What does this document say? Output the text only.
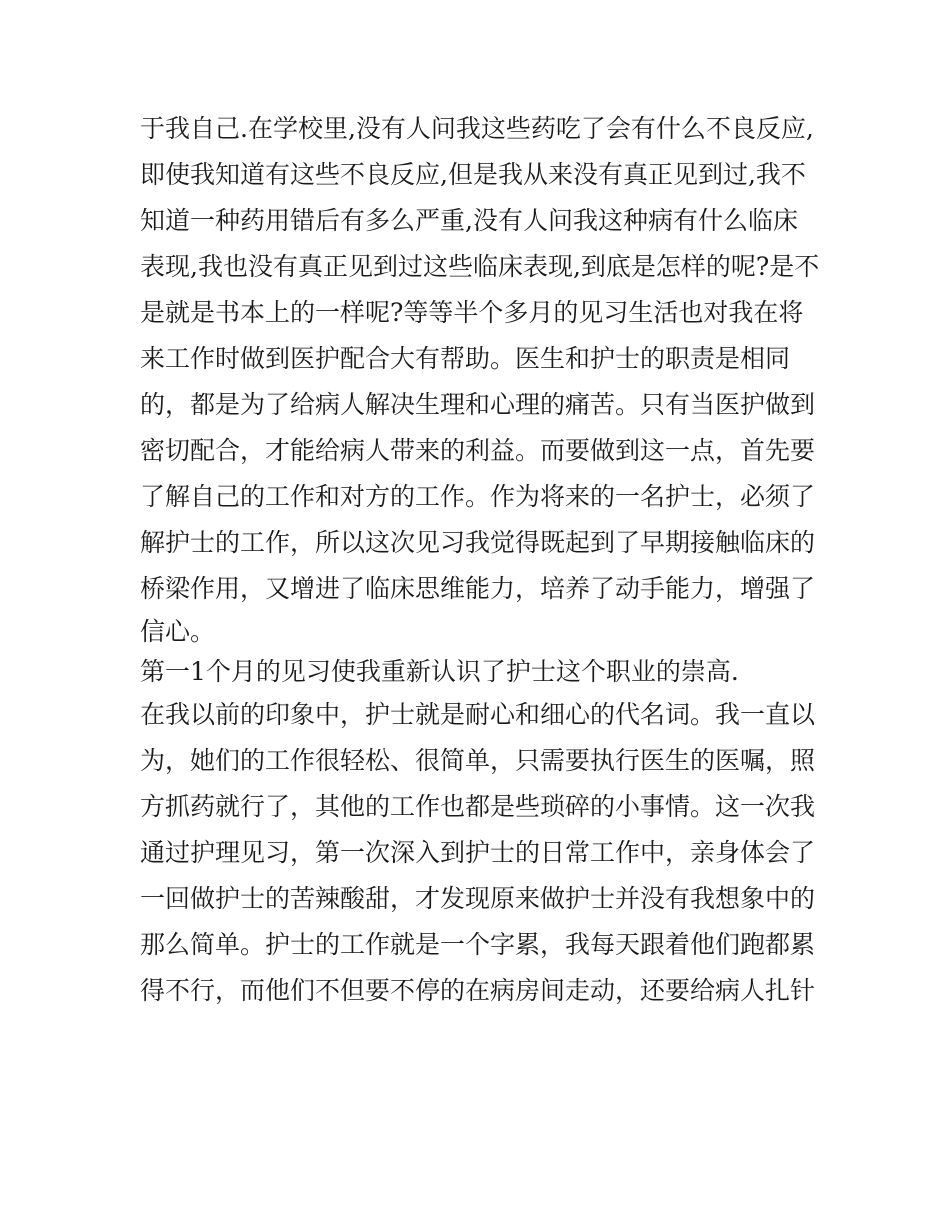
于我自己.在学校里,没有人问我这些药吃了会有什么不良反应,
即使我知道有这些不良反应,但是我从来没有真正见到过,我不
知道一种药用错后有多么严重,没有人问我这种病有什么临床
表现,我也没有真正见到过这些临床表现,到底是怎样的呢?是不
是就是书本上的一样呢?等等半个多月的见习生活也对我在将
来工作时做到医护配合大有帮助。医生和护士的职责是相同
的，都是为了给病人解决生理和心理的痛苦。只有当医护做到
密切配合，才能给病人带来的利益。而要做到这一点，首先要
了解自己的工作和对方的工作。作为将来的一名护士，必须了
解护士的工作，所以这次见习我觉得既起到了早期接触临床的
桥梁作用，又增进了临床思维能力，培养了动手能力，增强了
信心。
第一1个月的见习使我重新认识了护士这个职业的崇高.
在我以前的印象中，护士就是耐心和细心的代名词。我一直以
为，她们的工作很轻松、很简单，只需要执行医生的医嘱，照
方抓药就行了，其他的工作也都是些琐碎的小事情。这一次我
通过护理见习，第一次深入到护士的日常工作中，亲身体会了
一回做护士的苦辣酸甜，才发现原来做护士并没有我想象中的
那么简单。护士的工作就是一个字累，我每天跟着他们跑都累
得不行，而他们不但要不停的在病房间走动，还要给病人扎针
